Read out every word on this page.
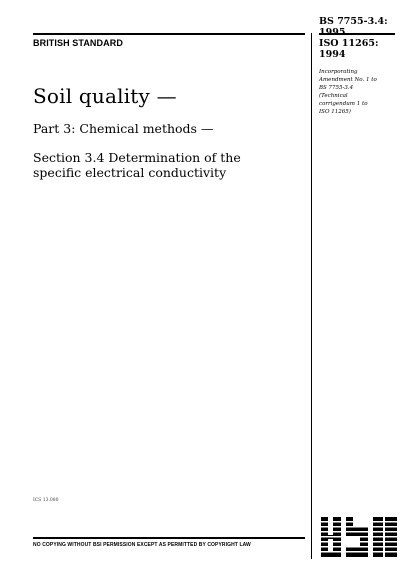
BRITISH STANDARD
BS 7755-3.4:
1995
ISO 11265:
1994
Incorporating
Amendment No. 1 to
BS 7755-3.4
(Technical
corrigendum 1 to
ISO 11265)
Soil quality —
Part 3: Chemical methods —
Section 3.4 Determination of the
specific electrical conductivity
ICS 13.080
NO COPYING WITHOUT BSI PERMISSION EXCEPT AS PERMITTED BY COPYRIGHT LAW
